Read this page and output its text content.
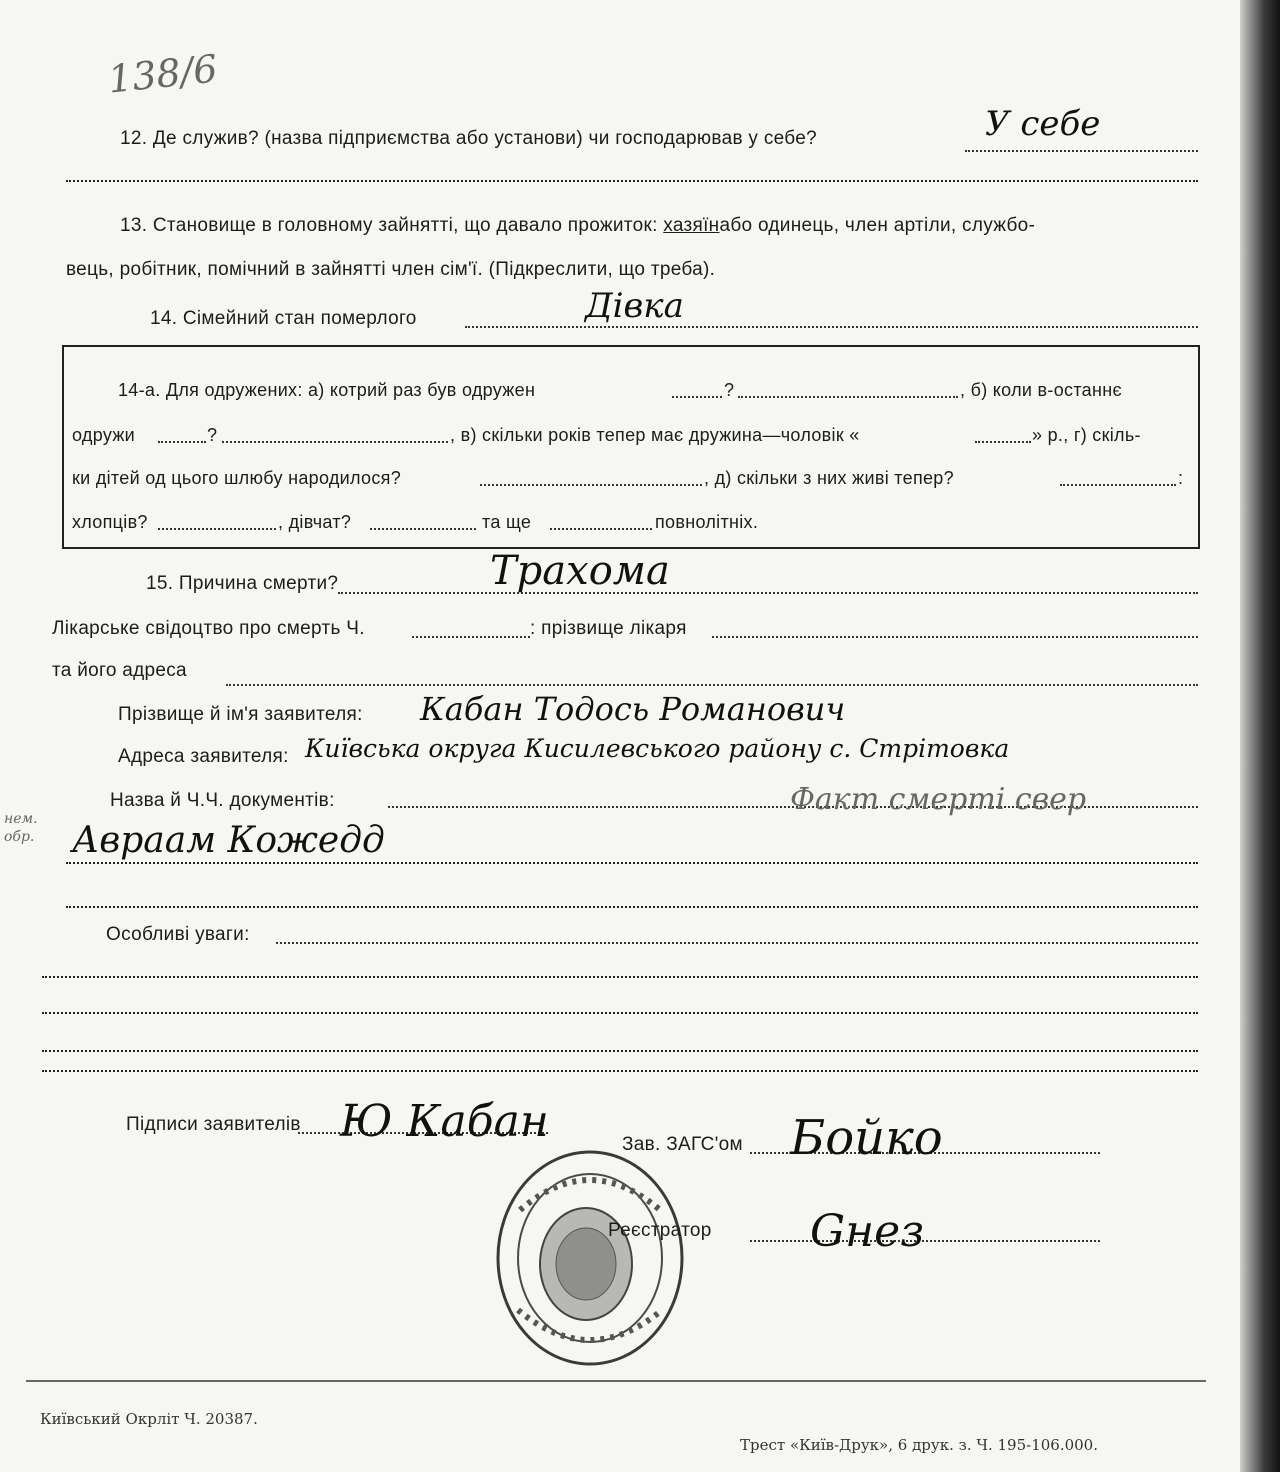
138/6
12. Де служив? (назва підприємства або установи) чи господарював у себе?	У себе
13. Становище в головному зайнятті, що давало прожиток: хазяїнабо одинець, член артіли, службо-
вець, робітник, помічний в зайнятті член сім'ї. (Підкреслити, що треба).
14. Сімейний стан померлого	Дівка
14-а. Для одружених: а) котрий раз був одружен	?	, б) коли в-останнє
одружи	?	, в) скільки років тепер має дружина—чоловік «	» р., г) скіль-
ки дітей од цього шлюбу народилося?	, д) скільки з них живі тепер?	:
хлопців?	, дівчат?	та ще	повнолітніх.
15. Причина смерти?	Трахома
Лікарське свідоцтво про смерть Ч.	: прізвище лікаря
та його адреса
Прізвище й ім'я заявителя: Кабан Тодось Романович
Адреса заявителя: Київська округа Кисилевського району с. Стрітовка
Назва й Ч.Ч. документів:	Факт смерті свер
нем. обр.	Авраам Кожедд
Особливі уваги:
Підписи заявителів Ю Кабан	Зав. ЗАГС'ом Бойко
Реєстратор Gнез
Київський Окрліт Ч. 20387.
Трест «Київ-Друк», 6 друк. з. Ч. 195-106.000.
